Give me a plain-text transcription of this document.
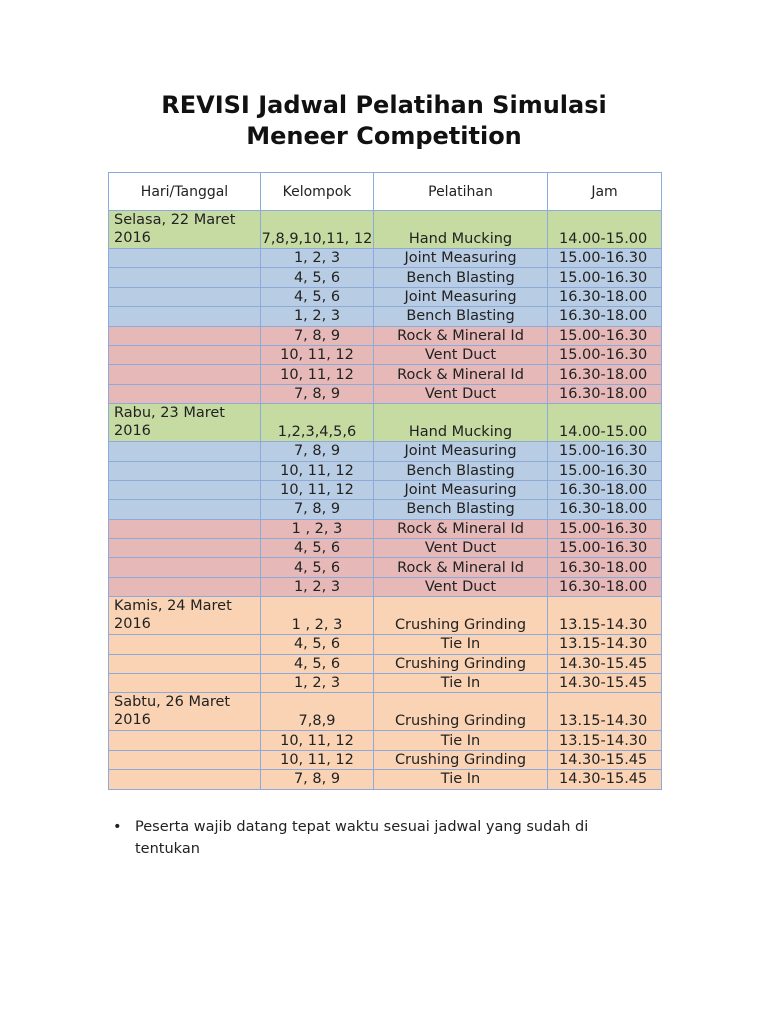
REVISI Jadwal Pelatihan Simulasi
Meneer Competition
Hari/Tanggal	Kelompok	Pelatihan	Jam
Selasa, 22 Maret 2016	7,8,9,10,11, 12	Hand Mucking	14.00-15.00
	1, 2, 3	Joint Measuring	15.00-16.30
	4, 5, 6	Bench Blasting	15.00-16.30
	4, 5, 6	Joint Measuring	16.30-18.00
	1, 2, 3	Bench Blasting	16.30-18.00
	7, 8, 9	Rock & Mineral Id	15.00-16.30
	10, 11, 12	Vent Duct	15.00-16.30
	10, 11, 12	Rock & Mineral Id	16.30-18.00
	7, 8, 9	Vent Duct	16.30-18.00
Rabu, 23 Maret 2016	1,2,3,4,5,6	Hand Mucking	14.00-15.00
	7, 8, 9	Joint Measuring	15.00-16.30
	10, 11, 12	Bench Blasting	15.00-16.30
	10, 11, 12	Joint Measuring	16.30-18.00
	7, 8, 9	Bench Blasting	16.30-18.00
	1 , 2, 3	Rock & Mineral Id	15.00-16.30
	4, 5, 6	Vent Duct	15.00-16.30
	4, 5, 6	Rock & Mineral Id	16.30-18.00
	1, 2, 3	Vent Duct	16.30-18.00
Kamis, 24 Maret 2016	1 , 2, 3	Crushing Grinding	13.15-14.30
	4, 5, 6	Tie In	13.15-14.30
	4, 5, 6	Crushing Grinding	14.30-15.45
	1, 2, 3	Tie In	14.30-15.45
Sabtu, 26 Maret 2016	7,8,9	Crushing Grinding	13.15-14.30
	10, 11, 12	Tie In	13.15-14.30
	10, 11, 12	Crushing Grinding	14.30-15.45
	7, 8, 9	Tie In	14.30-15.45
• Peserta wajib datang tepat waktu sesuai jadwal yang sudah di tentukan
